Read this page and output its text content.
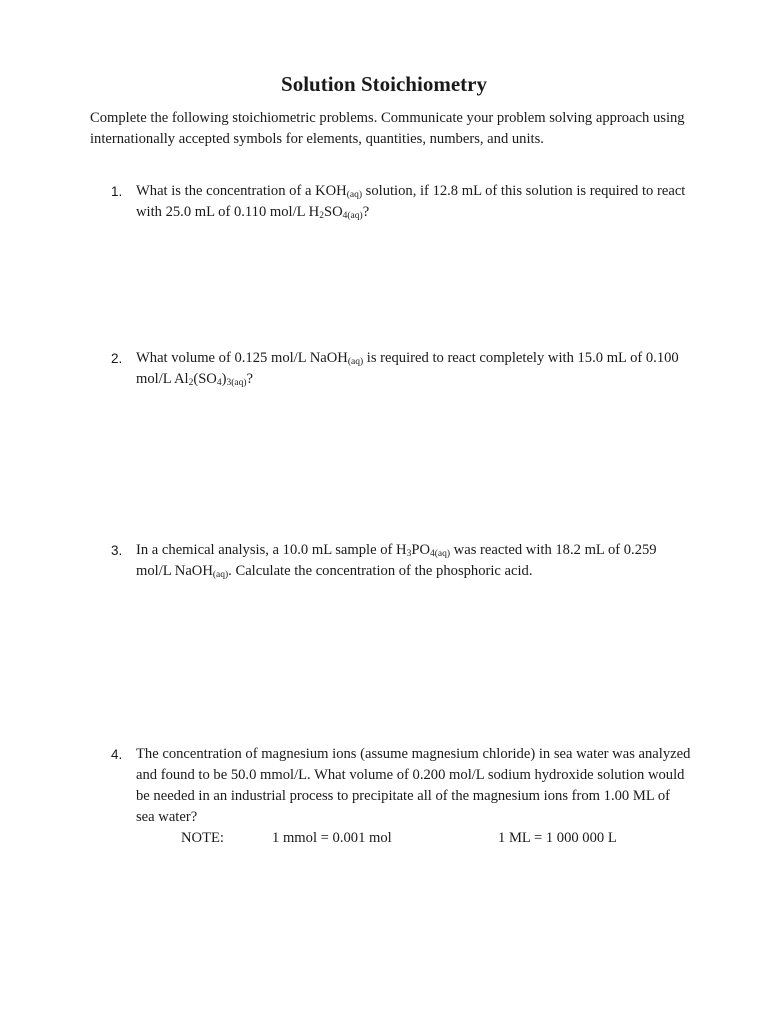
Solution Stoichiometry
Complete the following stoichiometric problems. Communicate your problem solving approach using internationally accepted symbols for elements, quantities, numbers, and units.
1. What is the concentration of a $KOH_{(aq)}$ solution, if 12.8 mL of this solution is required to react with 25.0 mL of 0.110 mol/L $H_2SO_{4(aq)}$?
2. What volume of 0.125 mol/L NaOH$_{(aq)}$ is required to react completely with 15.0 mL of 0.100 mol/L $Al_2(SO_4)_{3(aq)}$?
3. In a chemical analysis, a 10.0 mL sample of $H_3PO_{4(aq)}$ was reacted with 18.2 mL of 0.259 mol/L NaOH$_{(aq)}$. Calculate the concentration of the phosphoric acid.
4. The concentration of magnesium ions (assume magnesium chloride) in sea water was analyzed and found to be 50.0 mmol/L. What volume of 0.200 mol/L sodium hydroxide solution would be needed in an industrial process to precipitate all of the magnesium ions from 1.00 ML of sea water?
NOTE:	1 mmol = 0.001 mol	1 ML = 1 000 000 L
